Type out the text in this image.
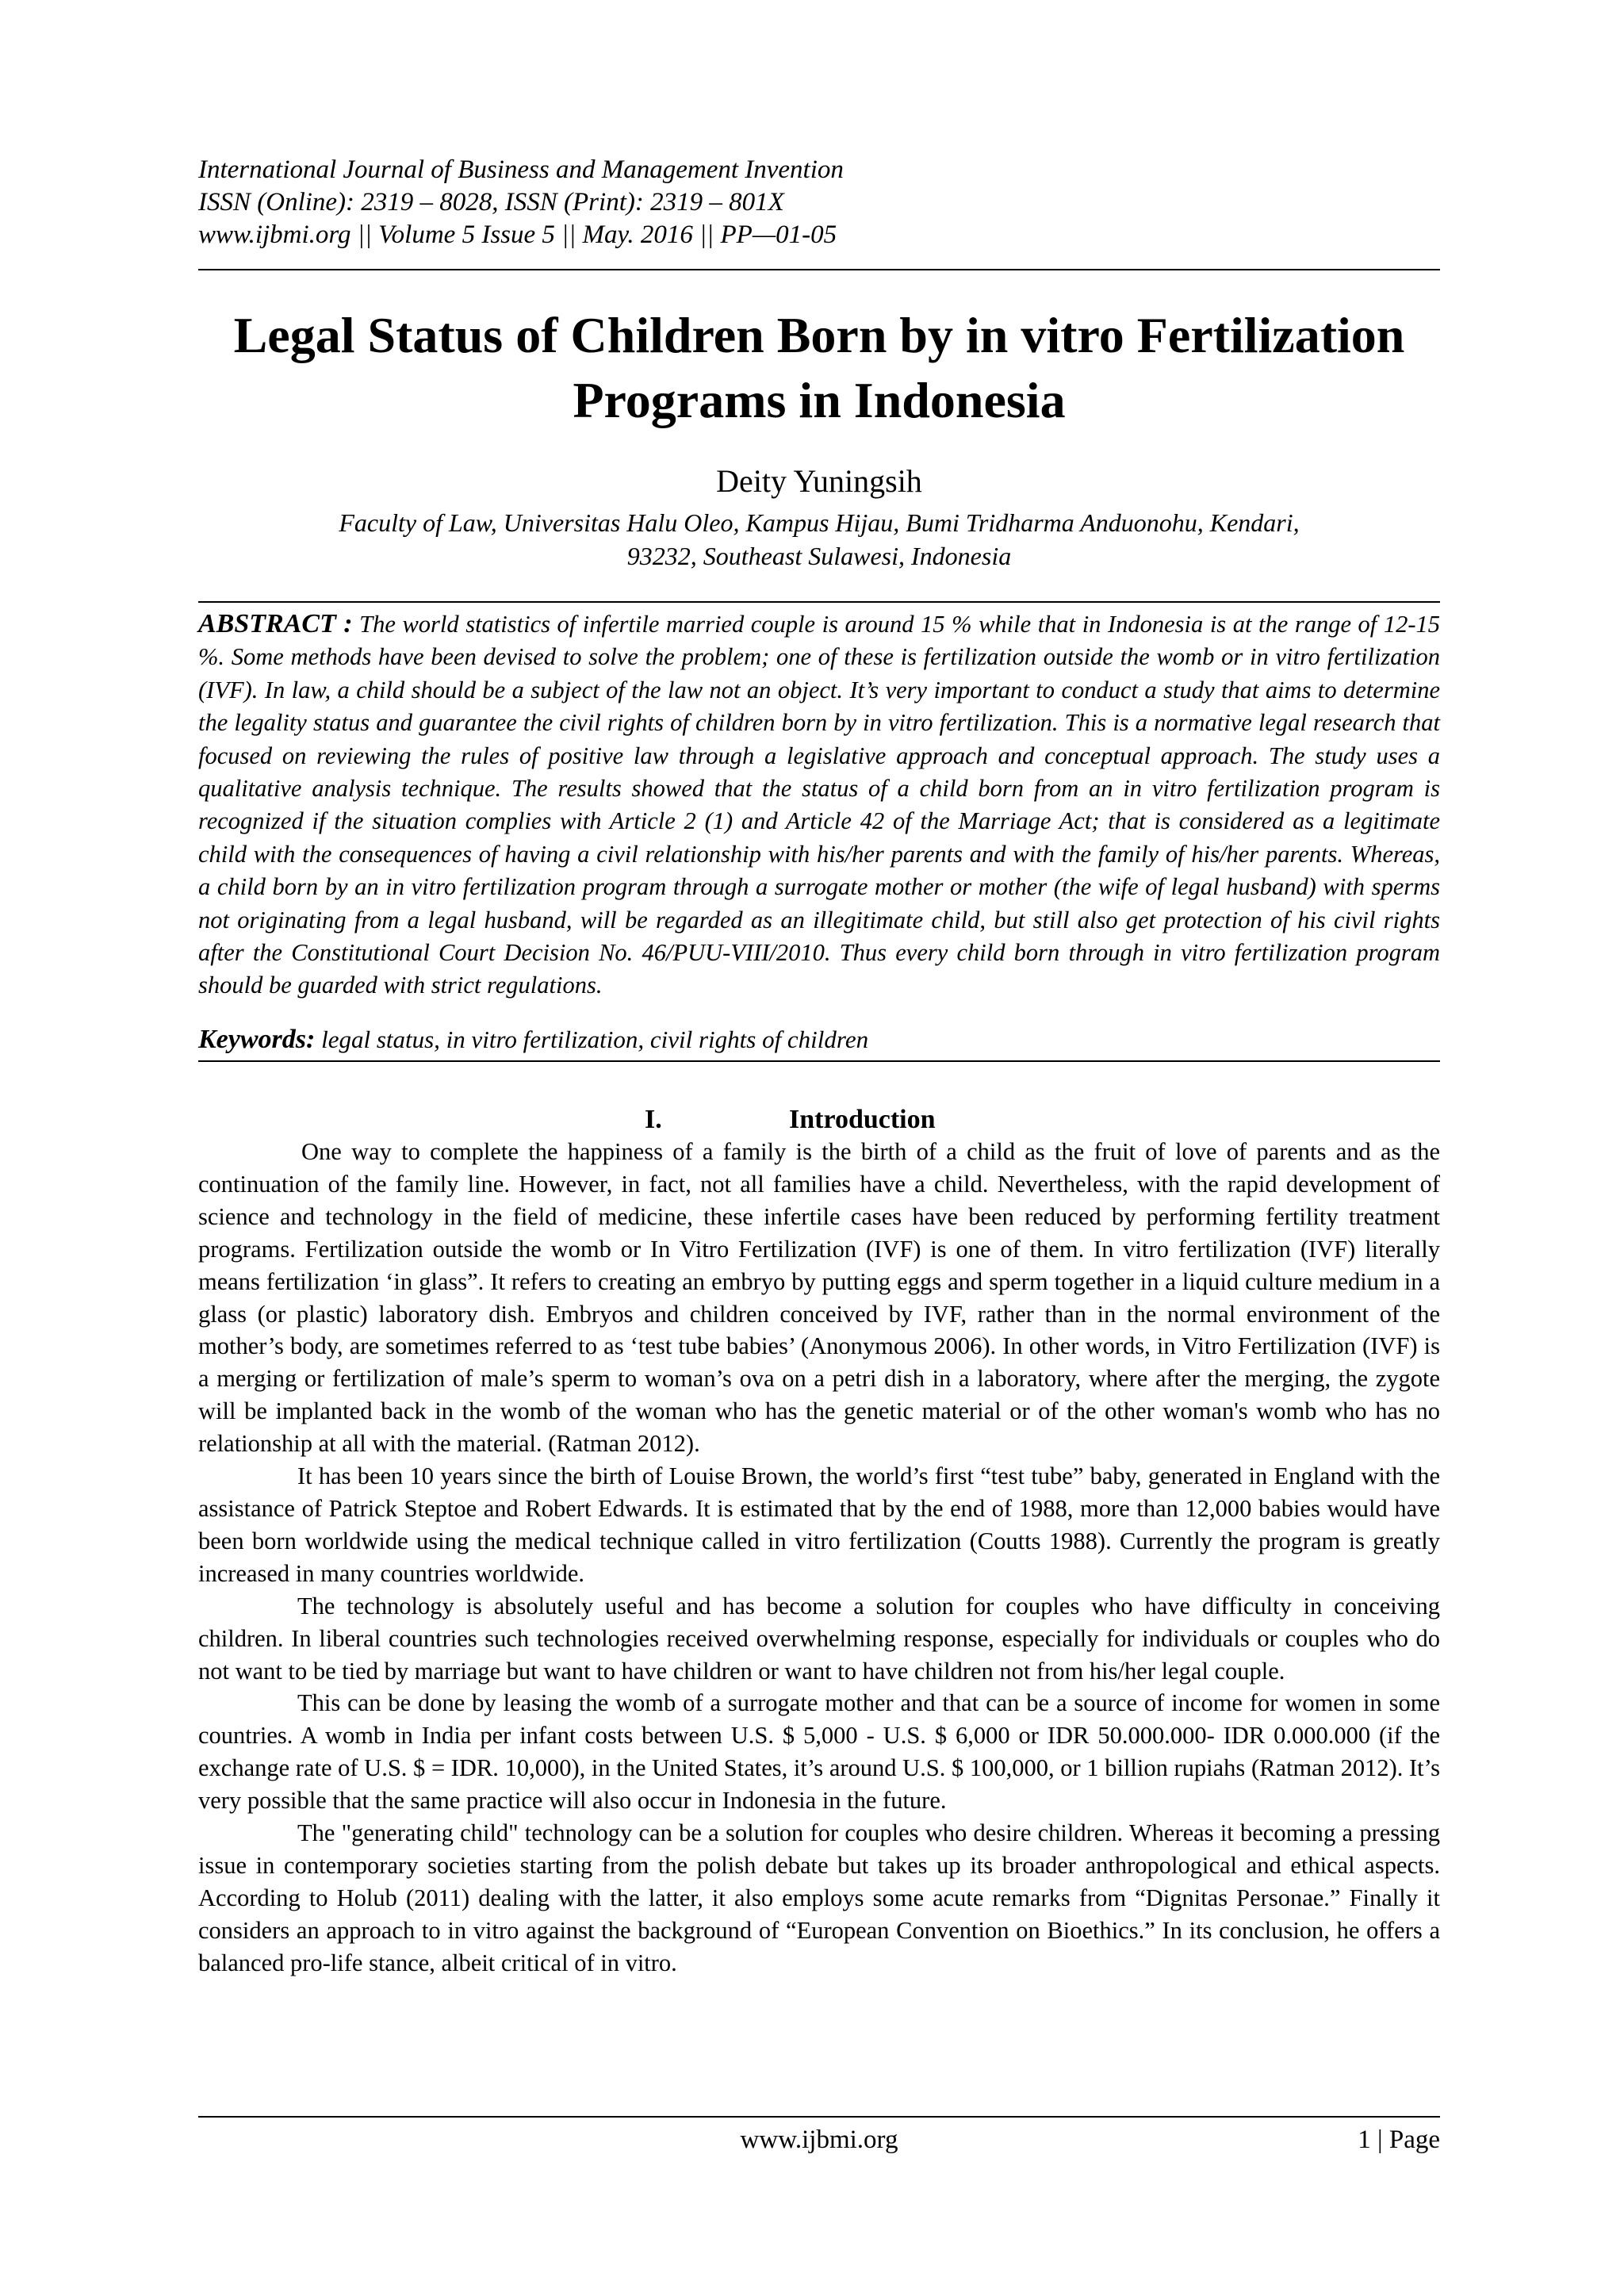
International Journal of Business and Management Invention
ISSN (Online): 2319 – 8028, ISSN (Print): 2319 – 801X
www.ijbmi.org || Volume 5 Issue 5 || May. 2016 || PP—01-05
Legal Status of Children Born by in vitro Fertilization
Programs in Indonesia
Deity Yuningsih
Faculty of Law, Universitas Halu Oleo, Kampus Hijau, Bumi Tridharma Anduonohu, Kendari,
93232, Southeast Sulawesi, Indonesia
ABSTRACT : The world statistics of infertile married couple is around 15 % while that in Indonesia is at the range of 12-15 %. Some methods have been devised to solve the problem; one of these is fertilization outside the womb or in vitro fertilization (IVF). In law, a child should be a subject of the law not an object. It’s very important to conduct a study that aims to determine the legality status and guarantee the civil rights of children born by in vitro fertilization. This is a normative legal research that focused on reviewing the rules of positive law through a legislative approach and conceptual approach. The study uses a qualitative analysis technique. The results showed that the status of a child born from an in vitro fertilization program is recognized if the situation complies with Article 2 (1) and Article 42 of the Marriage Act; that is considered as a legitimate child with the consequences of having a civil relationship with his/her parents and with the family of his/her parents. Whereas, a child born by an in vitro fertilization program through a surrogate mother or mother (the wife of legal husband) with sperms not originating from a legal husband, will be regarded as an illegitimate child, but still also get protection of his civil rights after the Constitutional Court Decision No. 46/PUU-VIII/2010. Thus every child born through in vitro fertilization program should be guarded with strict regulations.
Keywords: legal status, in vitro fertilization, civil rights of children
I.	Introduction

One way to complete the happiness of a family is the birth of a child as the fruit of love of parents and as the continuation of the family line. However, in fact, not all families have a child. Nevertheless, with the rapid development of science and technology in the field of medicine, these infertile cases have been reduced by performing fertility treatment programs. Fertilization outside the womb or In Vitro Fertilization (IVF) is one of them. In vitro fertilization (IVF) literally means fertilization ‘in glass”. It refers to creating an embryo by putting eggs and sperm together in a liquid culture medium in a glass (or plastic) laboratory dish. Embryos and children conceived by IVF, rather than in the normal environment of the mother’s body, are sometimes referred to as ‘test tube babies’ (Anonymous 2006). In other words, in Vitro Fertilization (IVF) is a merging or fertilization of male’s sperm to woman’s ova on a petri dish in a laboratory, where after the merging, the zygote will be implanted back in the womb of the woman who has the genetic material or of the other woman's womb who has no relationship at all with the material. (Ratman 2012).

It has been 10 years since the birth of Louise Brown, the world’s first “test tube” baby, generated in England with the assistance of Patrick Steptoe and Robert Edwards. It is estimated that by the end of 1988, more than 12,000 babies would have been born worldwide using the medical technique called in vitro fertilization (Coutts 1988). Currently the program is greatly increased in many countries worldwide.

The technology is absolutely useful and has become a solution for couples who have difficulty in conceiving children. In liberal countries such technologies received overwhelming response, especially for individuals or couples who do not want to be tied by marriage but want to have children or want to have children not from his/her legal couple.

This can be done by leasing the womb of a surrogate mother and that can be a source of income for women in some countries. A womb in India per infant costs between U.S. $ 5,000 - U.S. $ 6,000 or IDR 50.000.000- IDR 0.000.000 (if the exchange rate of U.S. $ = IDR. 10,000), in the United States, it’s around U.S. $ 100,000, or 1 billion rupiahs (Ratman 2012). It’s very possible that the same practice will also occur in Indonesia in the future.

The "generating child" technology can be a solution for couples who desire children. Whereas it becoming a pressing issue in contemporary societies starting from the polish debate but takes up its broader anthropological and ethical aspects. According to Holub (2011) dealing with the latter, it also employs some acute remarks from “Dignitas Personae.” Finally it considers an approach to in vitro against the background of “European Convention on Bioethics.” In its conclusion, he offers a balanced pro-life stance, albeit critical of in vitro.

www.ijbmi.org	1 | Page
